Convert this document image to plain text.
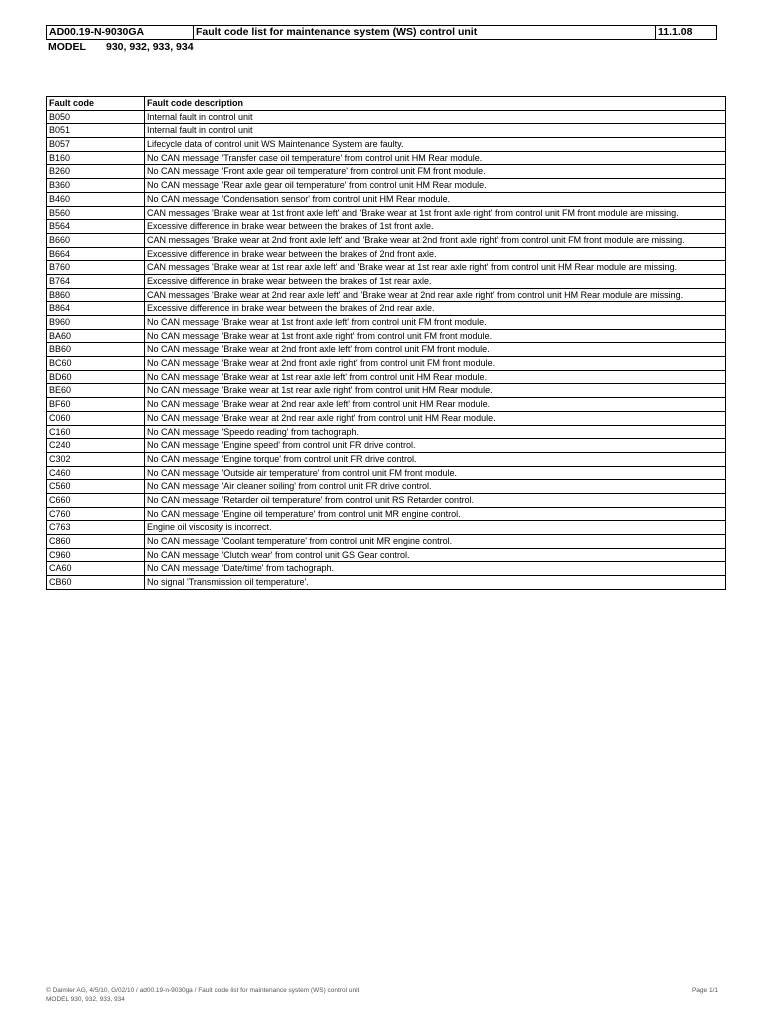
AD00.19-N-9030GA	Fault code list for maintenance system (WS) control unit	11.1.08
MODEL 930, 932, 933, 934
Fault code	Fault code description
B050	Internal fault in control unit
B051	Internal fault in control unit
B057	Lifecycle data of control unit WS Maintenance System are faulty.
B160	No CAN message 'Transfer case oil temperature' from control unit HM Rear module.
B260	No CAN message 'Front axle gear oil temperature' from control unit FM front module.
B360	No CAN message 'Rear axle gear oil temperature' from control unit HM Rear module.
B460	No CAN message 'Condensation sensor' from control unit HM Rear module.
B560	CAN messages 'Brake wear at 1st front axle left' and 'Brake wear at 1st front axle right' from control unit FM front module are missing.
B564	Excessive difference in brake wear between the brakes of 1st front axle.
B660	CAN messages 'Brake wear at 2nd front axle left' and 'Brake wear at 2nd front axle right' from control unit FM front module are missing.
B664	Excessive difference in brake wear between the brakes of 2nd front axle.
B760	CAN messages 'Brake wear at 1st rear axle left' and 'Brake wear at 1st rear axle right' from control unit HM Rear module are missing.
B764	Excessive difference in brake wear between the brakes of 1st rear axle.
B860	CAN messages 'Brake wear at 2nd rear axle left' and 'Brake wear at 2nd rear axle right' from control unit HM Rear module are missing.
B864	Excessive difference in brake wear between the brakes of 2nd rear axle.
B960	No CAN message 'Brake wear at 1st front axle left' from control unit FM front module.
BA60	No CAN message 'Brake wear at 1st front axle right' from control unit FM front module.
BB60	No CAN message 'Brake wear at 2nd front axle left' from control unit FM front module.
BC60	No CAN message 'Brake wear at 2nd front axle right' from control unit FM front module.
BD60	No CAN message 'Brake wear at 1st rear axle left' from control unit HM Rear module.
BE60	No CAN message 'Brake wear at 1st rear axle right' from control unit HM Rear module.
BF60	No CAN message 'Brake wear at 2nd rear axle left' from control unit HM Rear module.
C060	No CAN message 'Brake wear at 2nd rear axle right' from control unit HM Rear module.
C160	No CAN message 'Speedo reading' from tachograph.
C240	No CAN message 'Engine speed' from control unit FR drive control.
C302	No CAN message 'Engine torque' from control unit FR drive control.
C460	No CAN message 'Outside air temperature' from control unit FM front module.
C560	No CAN message 'Air cleaner soiling' from control unit FR drive control.
C660	No CAN message 'Retarder oil temperature' from control unit RS Retarder control.
C760	No CAN message 'Engine oil temperature' from control unit MR engine control.
C763	Engine oil viscosity is incorrect.
C860	No CAN message 'Coolant temperature' from control unit MR engine control.
C960	No CAN message 'Clutch wear' from control unit GS Gear control.
CA60	No CAN message 'Date/time' from tachograph.
CB60	No signal 'Transmission oil temperature'.
© Daimler AG, 4/5/10, G/02/10 / ad00.19-n-9030ga / Fault code list for maintenance system (WS) control unit
MODEL 930, 932, 933, 934
Page 1/1
